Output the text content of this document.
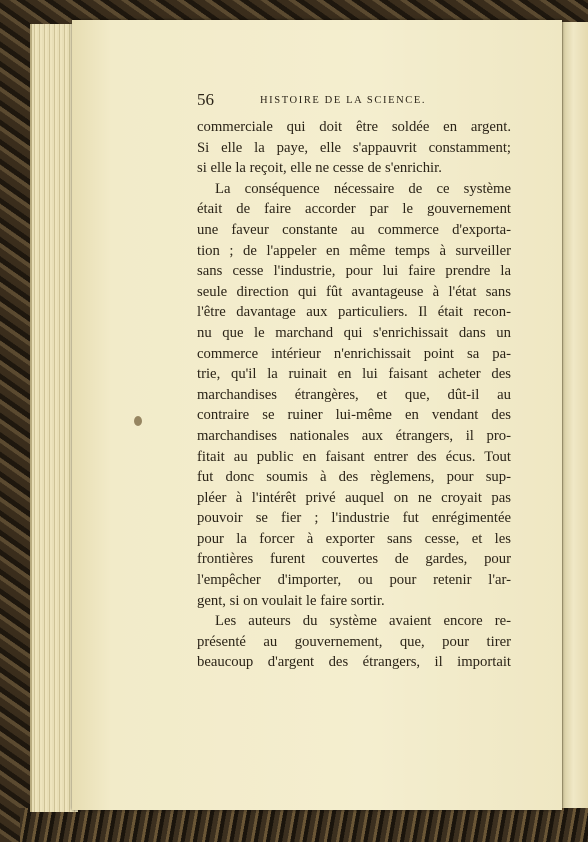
56	HISTOIRE DE LA SCIENCE.
commerciale qui doit être soldée en argent.
Si elle la paye, elle s'appauvrit constamment;
si elle la reçoit, elle ne cesse de s'enrichir.
La conséquence nécessaire de ce système
était de faire accorder par le gouvernement
une faveur constante au commerce d'exporta-
tion ; de l'appeler en même temps à surveiller
sans cesse l'industrie, pour lui faire prendre la
seule direction qui fût avantageuse à l'état sans
l'être davantage aux particuliers. Il était recon-
nu que le marchand qui s'enrichissait dans un
commerce intérieur n'enrichissait point sa pa-
trie, qu'il la ruinait en lui faisant acheter des
marchandises étrangères, et que, dût-il au
contraire se ruiner lui-même en vendant des
marchandises nationales aux étrangers, il pro-
fitait au public en faisant entrer des écus. Tout
fut donc soumis à des règlemens, pour sup-
pléer à l'intérêt privé auquel on ne croyait pas
pouvoir se fier ; l'industrie fut enrégimentée
pour la forcer à exporter sans cesse, et les
frontières furent couvertes de gardes, pour
l'empêcher d'importer, ou pour retenir l'ar-
gent, si on voulait le faire sortir.
Les auteurs du système avaient encore re-
présenté au gouvernement, que, pour tirer
beaucoup d'argent des étrangers, il importait
